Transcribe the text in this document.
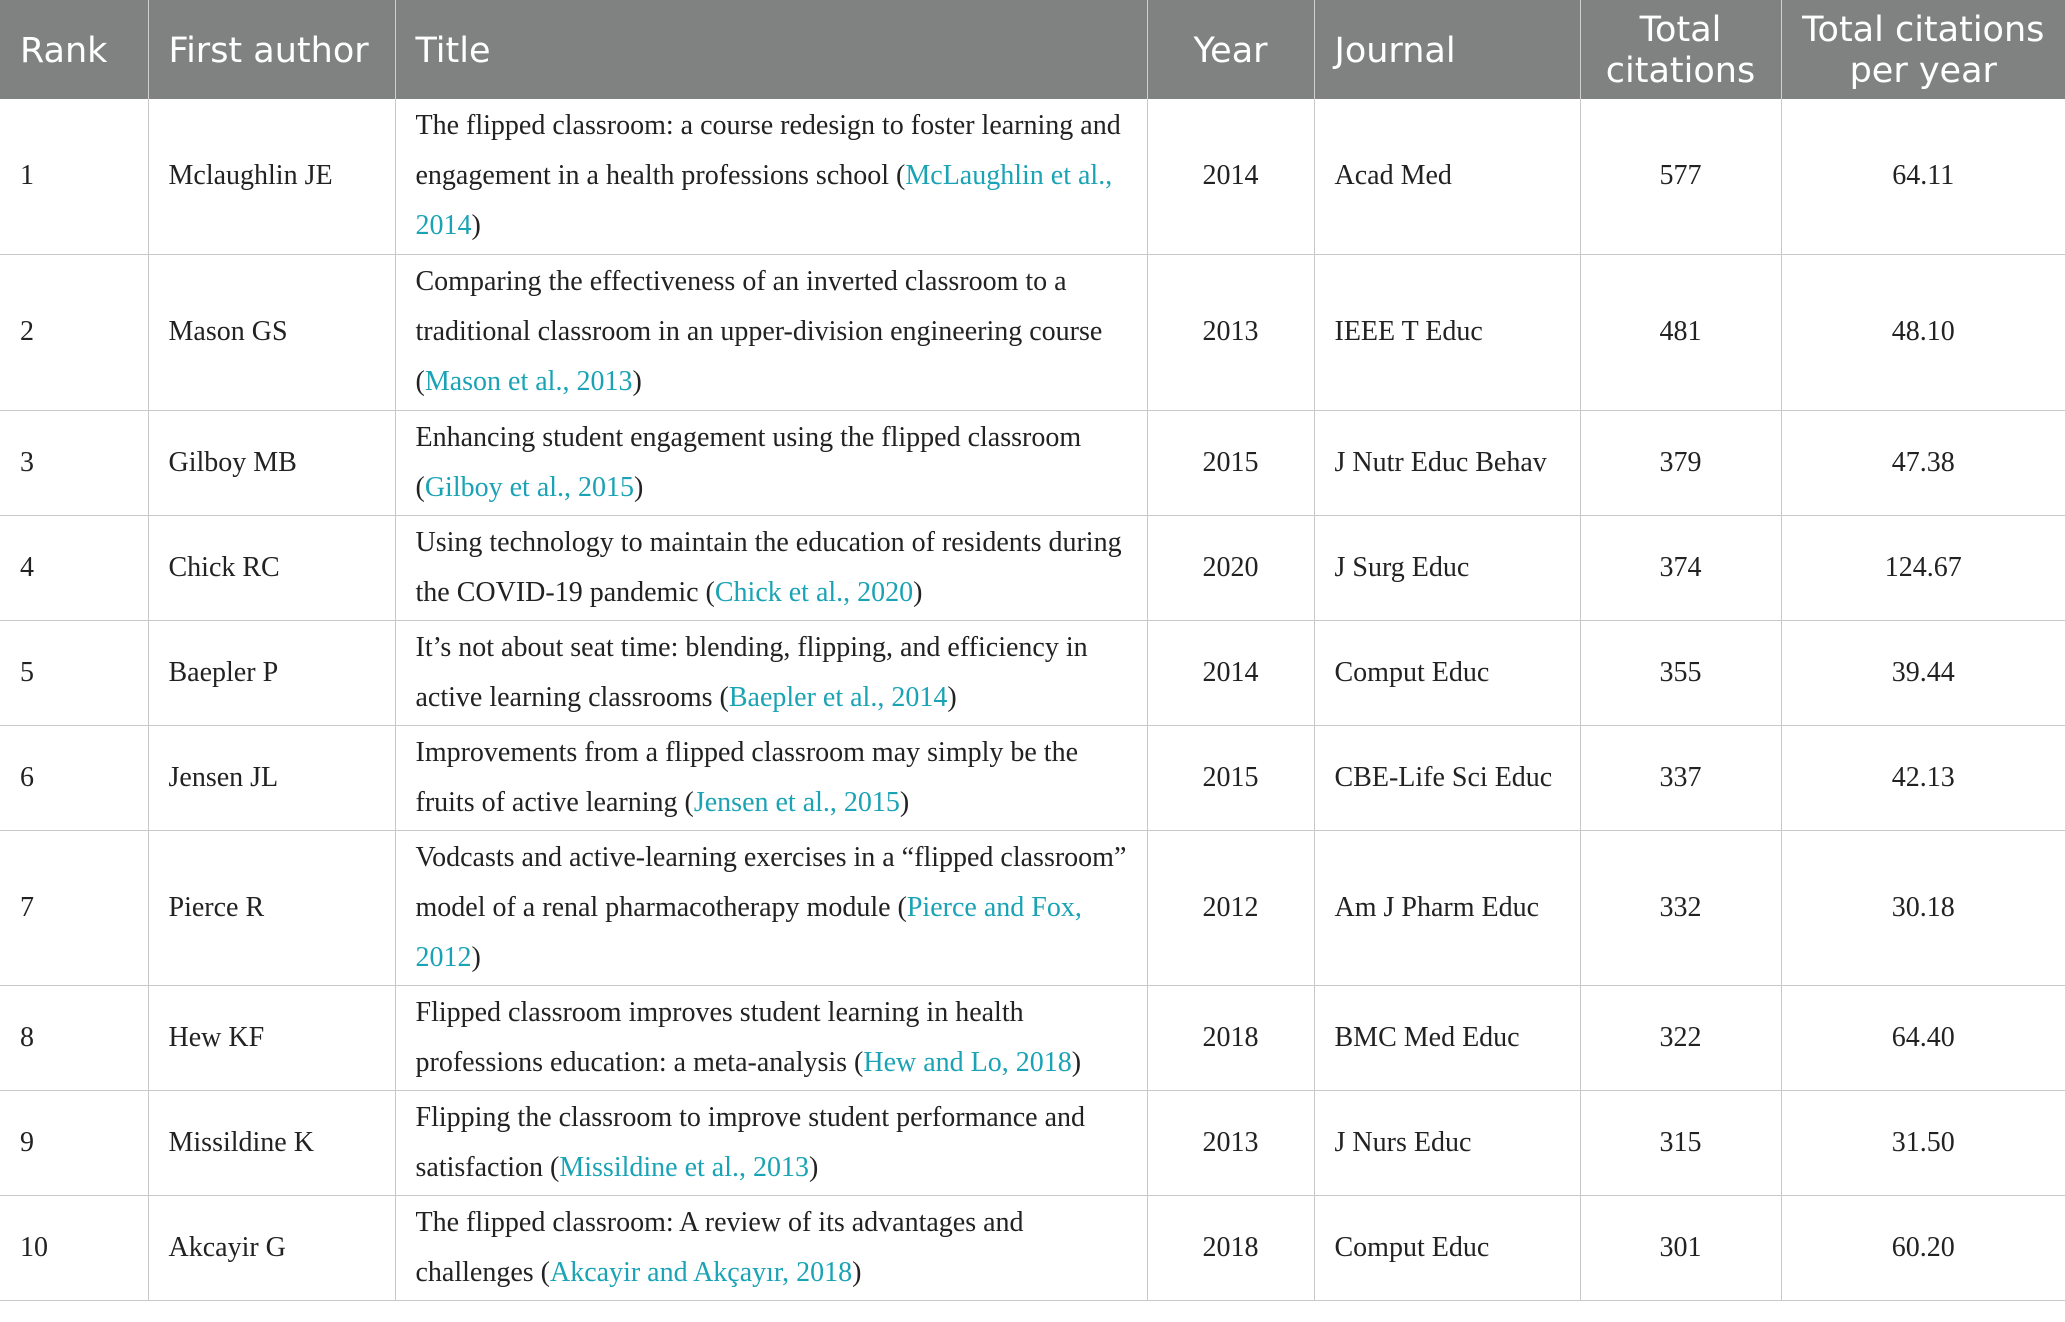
Rank	First author	Title	Year	Journal	Total citations	Total citations per year
1	Mclaughlin JE	The flipped classroom: a course redesign to foster learning and engagement in a health professions school (McLaughlin et al., 2014)	2014	Acad Med	577	64.11
2	Mason GS	Comparing the effectiveness of an inverted classroom to a traditional classroom in an upper-division engineering course (Mason et al., 2013)	2013	IEEE T Educ	481	48.10
3	Gilboy MB	Enhancing student engagement using the flipped classroom (Gilboy et al., 2015)	2015	J Nutr Educ Behav	379	47.38
4	Chick RC	Using technology to maintain the education of residents during the COVID-19 pandemic (Chick et al., 2020)	2020	J Surg Educ	374	124.67
5	Baepler P	It’s not about seat time: blending, flipping, and efficiency in active learning classrooms (Baepler et al., 2014)	2014	Comput Educ	355	39.44
6	Jensen JL	Improvements from a flipped classroom may simply be the fruits of active learning (Jensen et al., 2015)	2015	CBE-Life Sci Educ	337	42.13
7	Pierce R	Vodcasts and active-learning exercises in a “flipped classroom” model of a renal pharmacotherapy module (Pierce and Fox, 2012)	2012	Am J Pharm Educ	332	30.18
8	Hew KF	Flipped classroom improves student learning in health professions education: a meta-analysis (Hew and Lo, 2018)	2018	BMC Med Educ	322	64.40
9	Missildine K	Flipping the classroom to improve student performance and satisfaction (Missildine et al., 2013)	2013	J Nurs Educ	315	31.50
10	Akcayir G	The flipped classroom: A review of its advantages and challenges (Akcayir and Akçayır, 2018)	2018	Comput Educ	301	60.20
